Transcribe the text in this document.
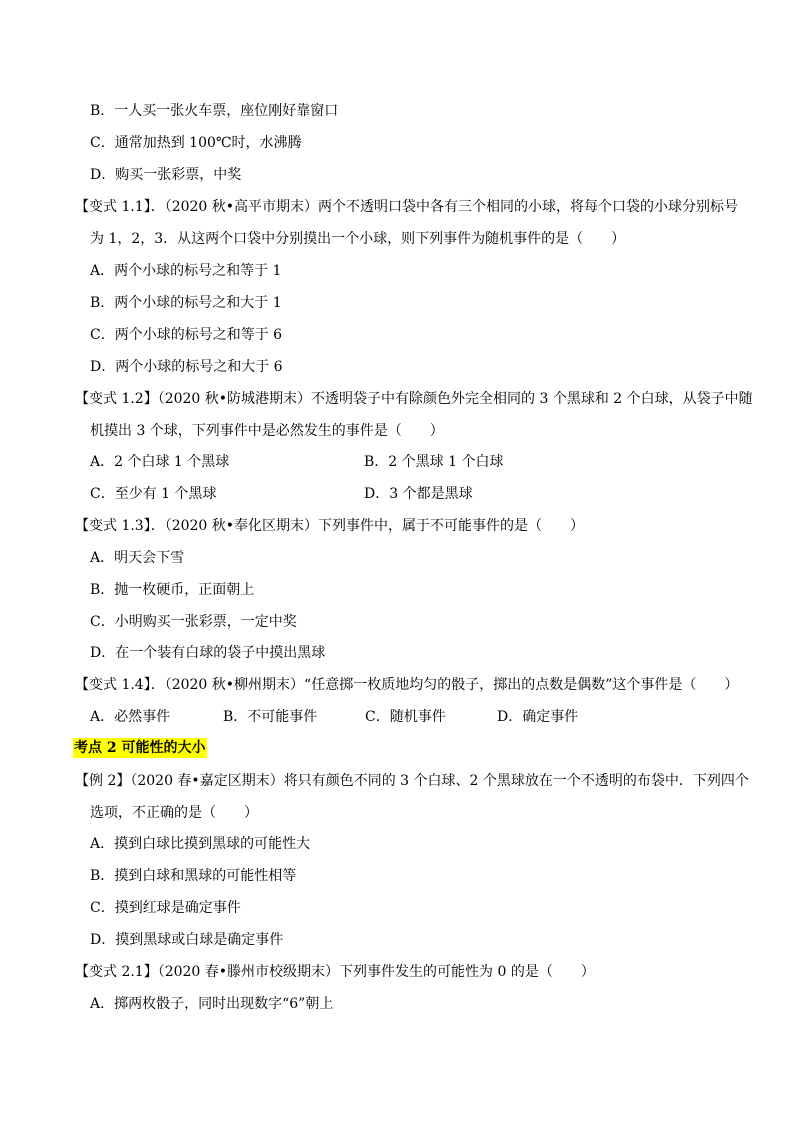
B．一人买一张火车票，座位刚好靠窗口
C．通常加热到 100℃时，水沸腾
D．购买一张彩票，中奖
【变式 1.1】．（2020 秋•高平市期末）两个不透明口袋中各有三个相同的小球，将每个口袋的小球分别标号
为 1，2，3．从这两个口袋中分别摸出一个小球，则下列事件为随机事件的是（　　）
A．两个小球的标号之和等于 1
B．两个小球的标号之和大于 1
C．两个小球的标号之和等于 6
D．两个小球的标号之和大于 6
【变式 1.2】（2020 秋•防城港期末）不透明袋子中有除颜色外完全相同的 3 个黑球和 2 个白球，从袋子中随
机摸出 3 个球，下列事件中是必然发生的事件是（　　）
A．2 个白球 1 个黑球	B．2 个黑球 1 个白球
C．至少有 1 个黑球	D．3 个都是黑球
【变式 1.3】．（2020 秋•奉化区期末）下列事件中，属于不可能事件的是（　　）
A．明天会下雪
B．抛一枚硬币，正面朝上
C．小明购买一张彩票，一定中奖
D．在一个装有白球的袋子中摸出黑球
【变式 1.4】．（2020 秋•柳州期末）“任意掷一枚质地均匀的骰子，掷出的点数是偶数”这个事件是（　　）
A．必然事件	B．不可能事件	C．随机事件	D．确定事件
考点 2 可能性的大小
【例 2】（2020 春•嘉定区期末）将只有颜色不同的 3 个白球、2 个黑球放在一个不透明的布袋中．下列四个
选项，不正确的是（　　）
A．摸到白球比摸到黑球的可能性大
B．摸到白球和黑球的可能性相等
C．摸到红球是确定事件
D．摸到黑球或白球是确定事件
【变式 2.1】（2020 春•滕州市校级期末）下列事件发生的可能性为 0 的是（　　）
A．掷两枚骰子，同时出现数字“6”朝上
